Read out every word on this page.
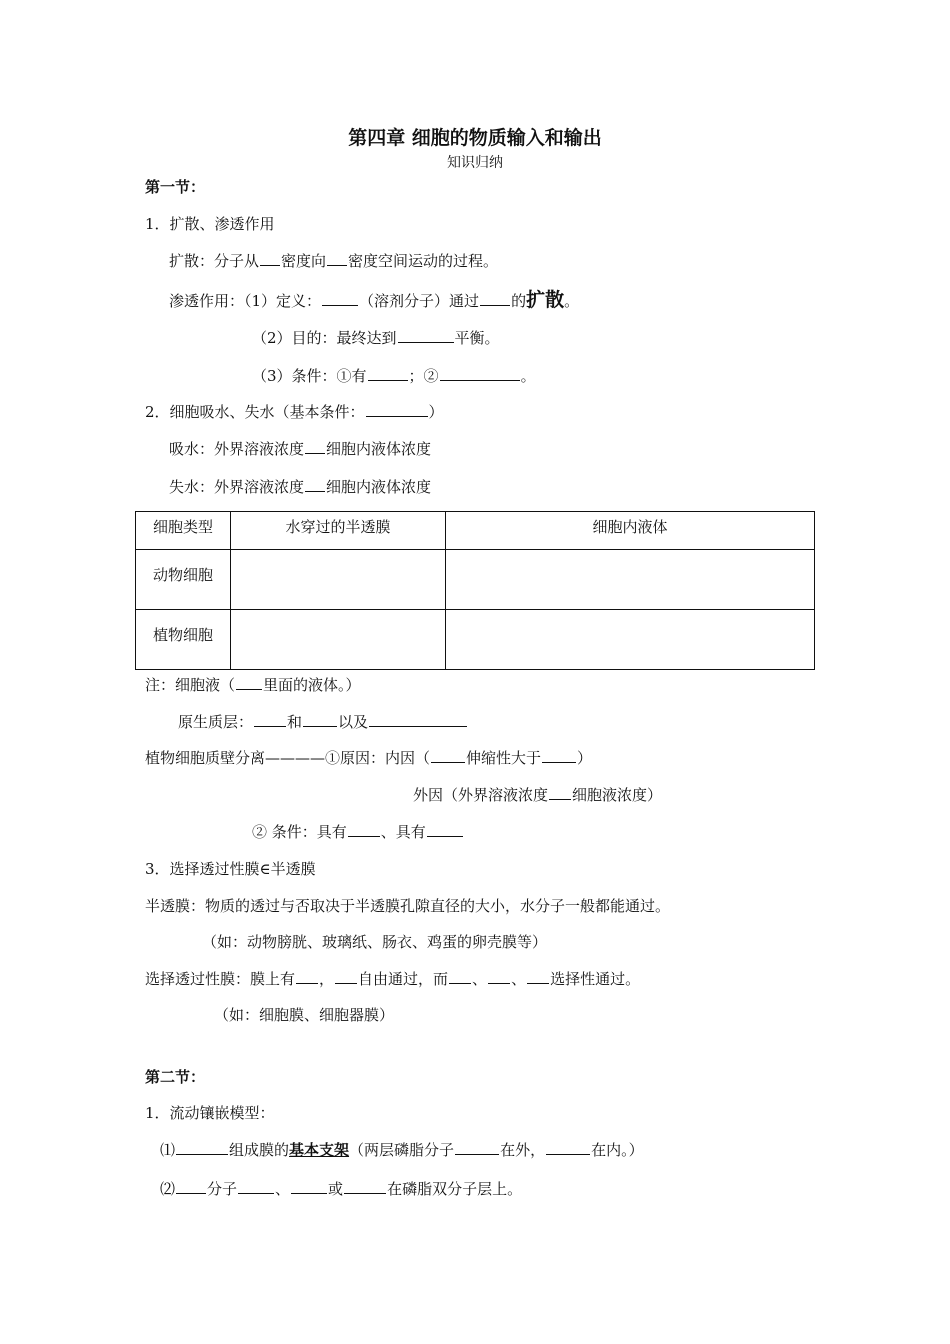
第四章 细胞的物质输入和输出
知识归纳
第一节：
1．扩散、渗透作用
扩散：分子从 密度向 密度空间运动的过程。
渗透作用：（1）定义：	（溶剂分子）通过 的扩散。
（2）目的：最终达到	平衡。
（3）条件：①有	；②	。
2．细胞吸水、失水（基本条件：	）
吸水：外界溶液浓度 细胞内液体浓度
失水：外界溶液浓度 细胞内液体浓度
细胞类型	水穿过的半透膜	细胞内液体
动物细胞		
植物细胞		
注：细胞液（ 里面的液体。）
原生质层： 和 以及
植物细胞质壁分离————①原因：内因（ 伸缩性大于 ）
外因（外界溶液浓度 细胞液浓度）
② 条件：具有 、具有
3．选择透过性膜∈半透膜
半透膜：物质的透过与否取决于半透膜孔隙直径的大小，水分子一般都能通过。
（如：动物膀胱、玻璃纸、肠衣、鸡蛋的卵壳膜等）
选择透过性膜：膜上有 ， 自由通过，而 、 、 选择性通过。
（如：细胞膜、细胞器膜）
第二节：
1．流动镶嵌模型：
⑴	组成膜的基本支架（两层磷脂分子	在外，	在内。）
⑵ 分子	、	或	在磷脂双分子层上。
